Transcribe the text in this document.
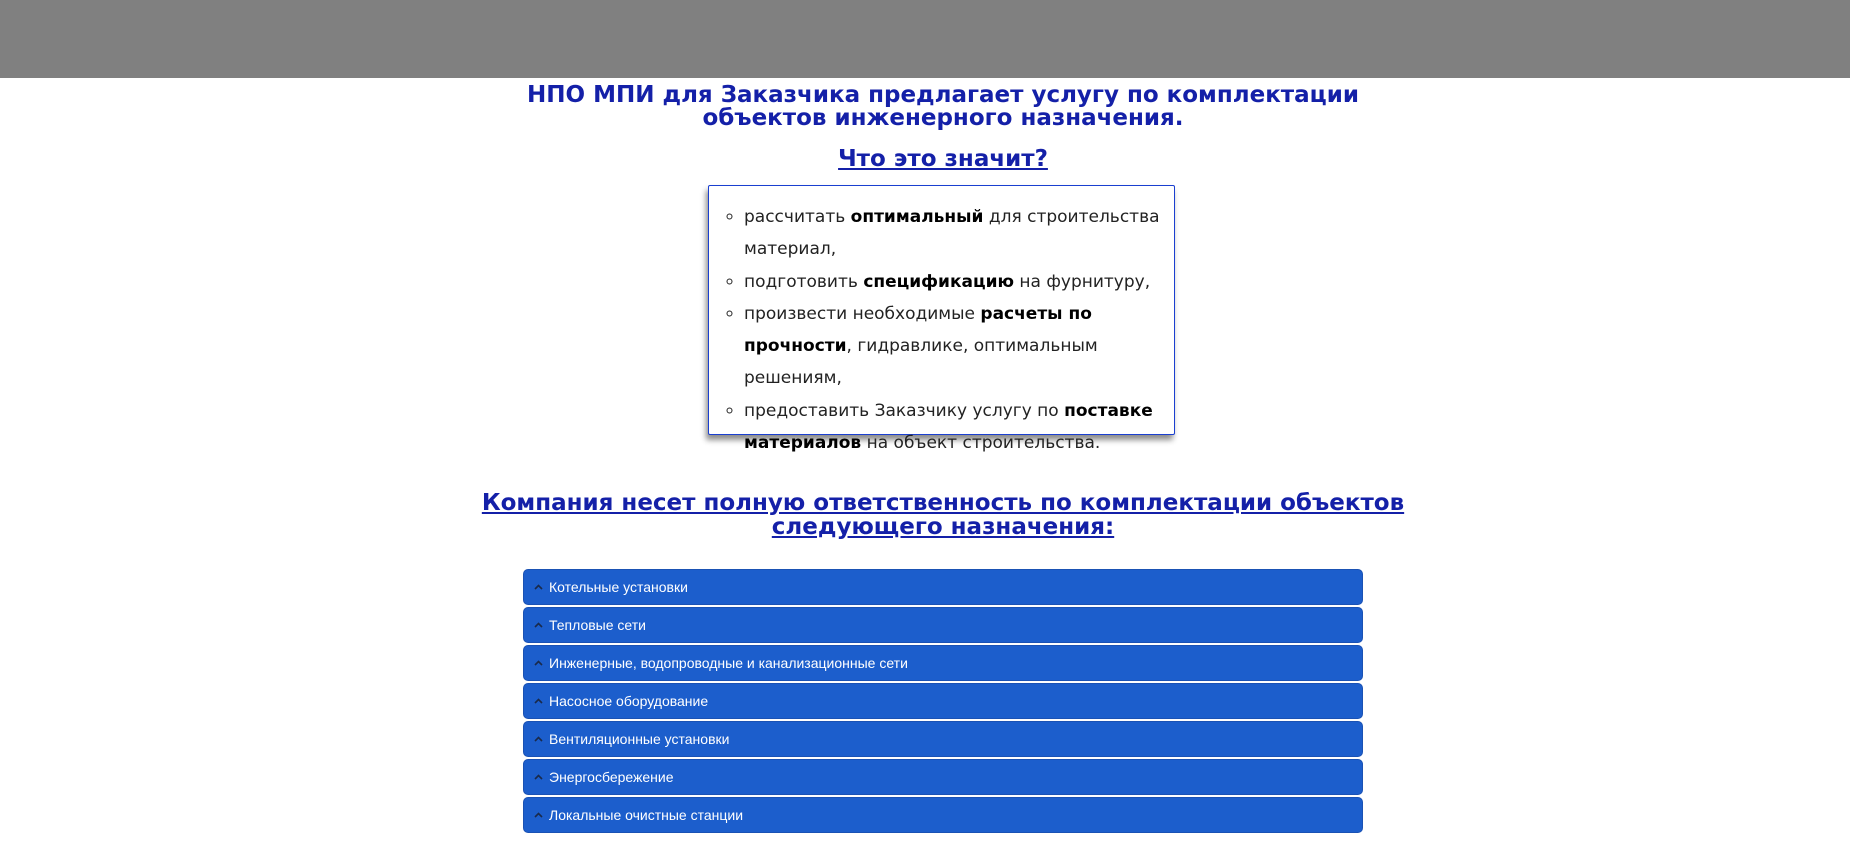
НПО МПИ для Заказчика предлагает услугу по комплектации
объектов инженерного назначения.
Что это значит?
◦ рассчитать оптимальный для строительства материал,
◦ подготовить спецификацию на фурнитуру,
◦ произвести необходимые расчеты по прочности, гидравлике, оптимальным решениям,
◦ предоставить Заказчику услугу по поставке материалов на объект строительства.
Компания несет полную ответственность по комплектации объектов
следующего назначения:
Котельные установки
Тепловые сети
Инженерные, водопроводные и канализационные сети
Насосное оборудование
Вентиляционные установки
Энергосбережение
Локальные очистные станции
